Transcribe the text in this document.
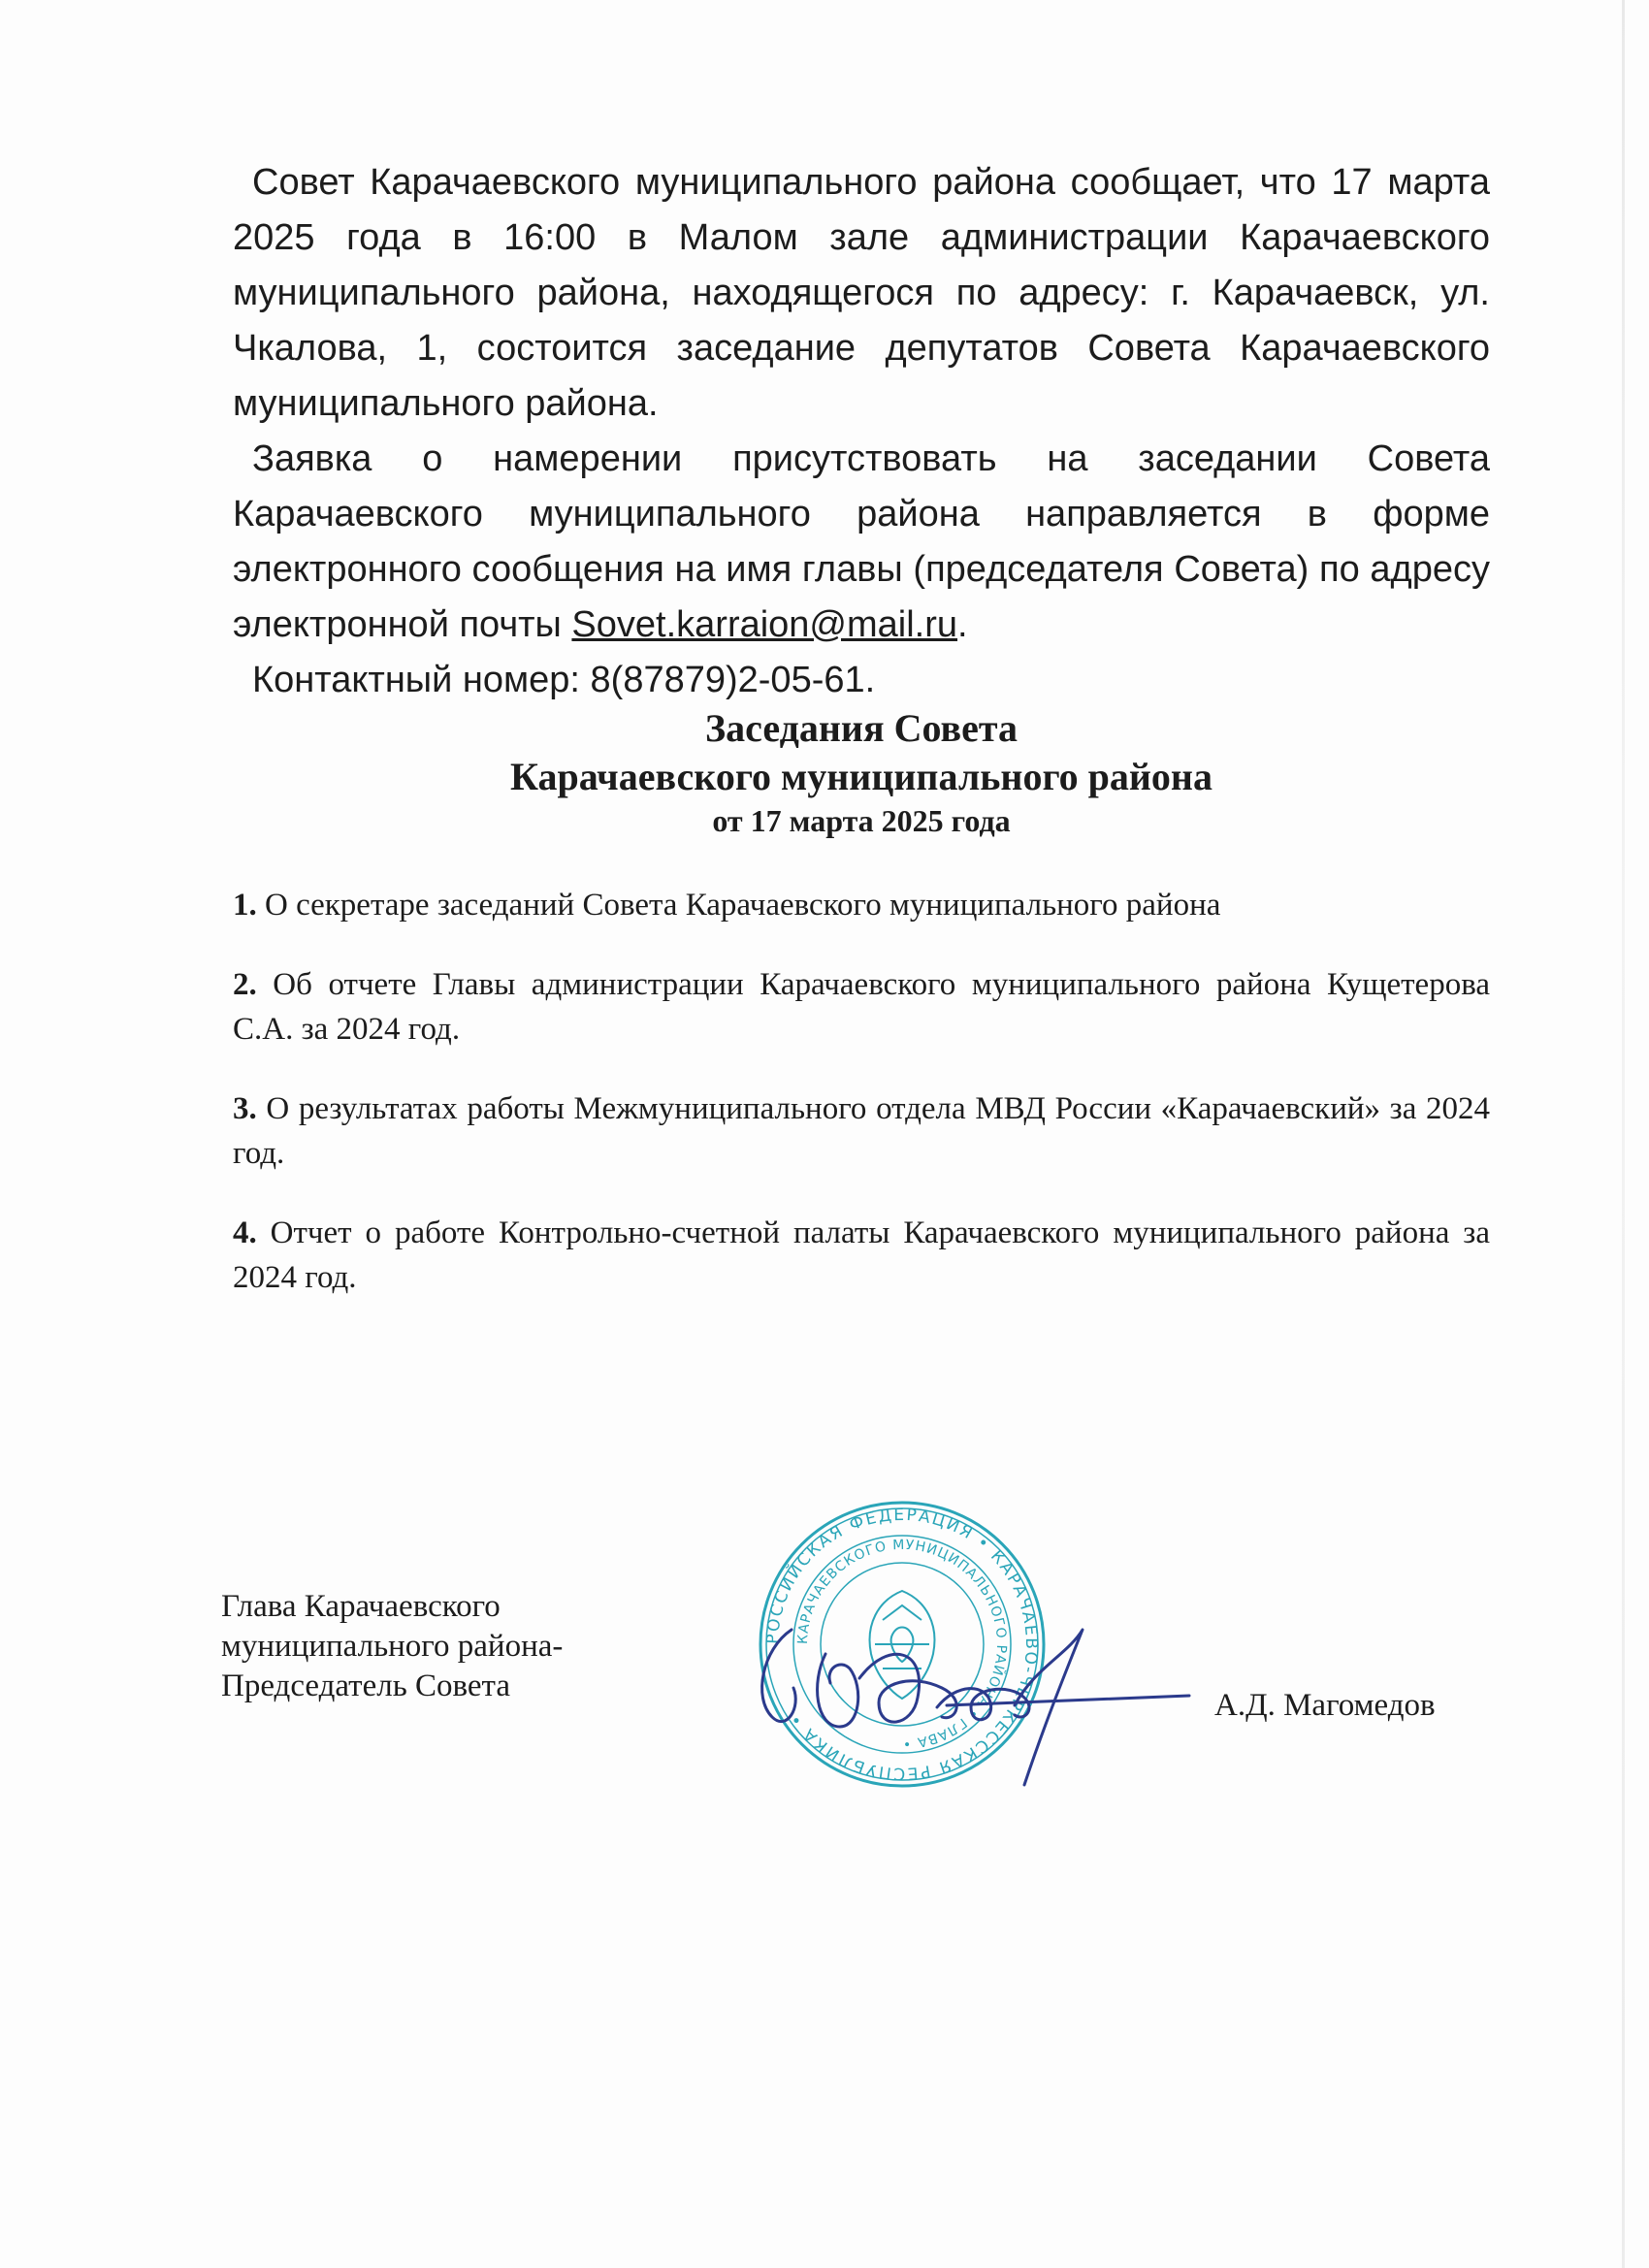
Совет Карачаевского муниципального района сообщает, что 17 марта 2025 года в 16:00 в Малом зале администрации Карачаевского муниципального района, находящегося по адресу: г. Карачаевск, ул. Чкалова, 1, состоится заседание депутатов Совета Карачаевского муниципального района.

Заявка о намерении присутствовать на заседании Совета Карачаевского муниципального района направляется в форме электронного сообщения на имя главы (председателя Совета) по адресу электронной почты Sovet.karraion@mail.ru.

Контактный номер: 8(87879)2-05-61.

Заседания Совета
Карачаевского муниципального района
от 17 марта 2025 года

1. О секретаре заседаний Совета Карачаевского муниципального района

2. Об отчете Главы администрации Карачаевского муниципального района Кущетерова С.А. за 2024 год.

3. О результатах работы Межмуниципального отдела МВД России «Карачаевский» за 2024 год.

4. Отчет о работе Контрольно-счетной палаты Карачаевского муниципального района за 2024 год.

Глава Карачаевского
муниципального района-
Председатель Совета
РОССИЙСКАЯ ФЕДЕРАЦИЯ • КАРАЧАЕВО-ЧЕРКЕССКАЯ РЕСПУБЛИКА •
КАРАЧАЕВСКОГО МУНИЦИПАЛЬНОГО РАЙОНА • ГЛАВА •
А.Д. Магомедов
